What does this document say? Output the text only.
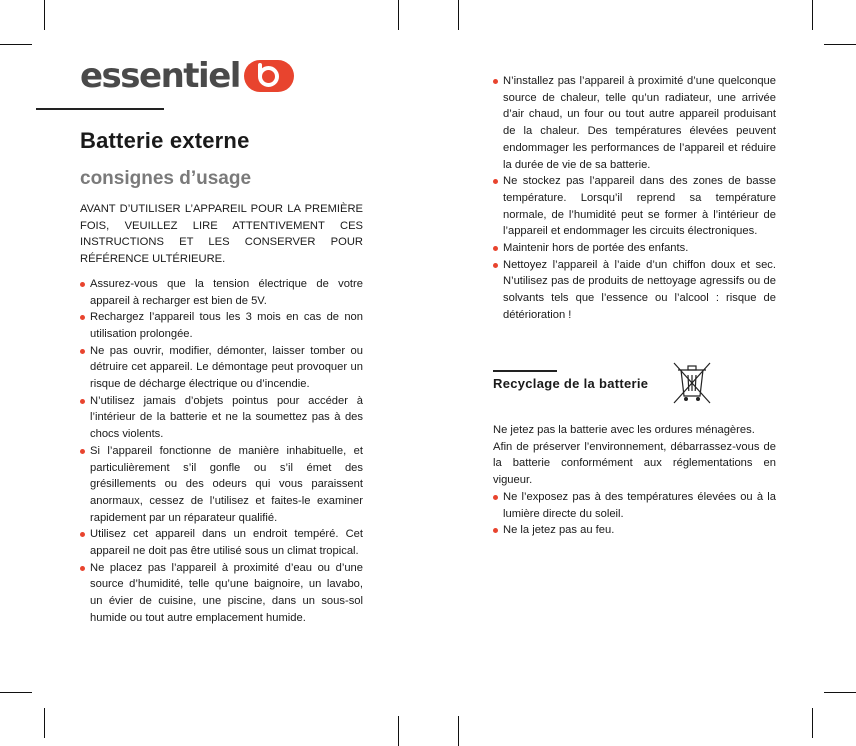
essentiel
Batterie externe
consignes d’usage

AVANT D’UTILISER L’APPAREIL POUR LA PREMIÈRE FOIS, VEUILLEZ LIRE ATTENTIVEMENT CES INSTRUCTIONS ET LES CONSERVER POUR RÉFÉRENCE ULTÉRIEURE.

Assurez-vous que la tension électrique de votre appareil à recharger est bien de 5V.
Rechargez l’appareil tous les 3 mois en cas de non utilisation prolongée.
Ne pas ouvrir, modifier, démonter, laisser tomber ou détruire cet appareil. Le démontage peut provoquer un risque de décharge électrique ou d’incendie.
N’utilisez jamais d’objets pointus pour accéder à l’intérieur de la batterie et ne la soumettez pas à des chocs violents.
Si l’appareil fonctionne de manière inhabituelle, et particulièrement s’il gonfle ou s’il émet des grésillements ou des odeurs qui vous paraissent anormaux, cessez de l’utilisez et faites-le examiner rapidement par un réparateur qualifié.
Utilisez cet appareil dans un endroit tempéré. Cet appareil ne doit pas être utilisé sous un climat tropical.
Ne placez pas l’appareil à proximité d’eau ou d’une source d’humidité, telle qu’une baignoire, un lavabo, un évier de cuisine, une piscine, dans un sous-sol humide ou tout autre emplacement humide.
N’installez pas l’appareil à proximité d’une quelconque source de chaleur, telle qu’un radiateur, une arrivée d’air chaud, un four ou tout autre appareil produisant de la chaleur. Des températures élevées peuvent endommager les performances de l’appareil et réduire la durée de vie de sa batterie.
Ne stockez pas l’appareil dans des zones de basse température. Lorsqu’il reprend sa température normale, de l’humidité peut se former à l’intérieur de l’appareil et endommager les circuits électroniques.
Maintenir hors de portée des enfants.
Nettoyez l’appareil à l’aide d’un chiffon doux et sec. N’utilisez pas de produits de nettoyage agressifs ou de solvants tels que l’essence ou l’alcool : risque de détérioration !
Recyclage de la batterie

Ne jetez pas la batterie avec les ordures ménagères.

Afin de préserver l’environnement, débarrassez-vous de la batterie conformément aux réglementations en vigueur.

Ne l’exposez pas à des températures élevées ou à la lumière directe du soleil.
Ne la jetez pas au feu.
